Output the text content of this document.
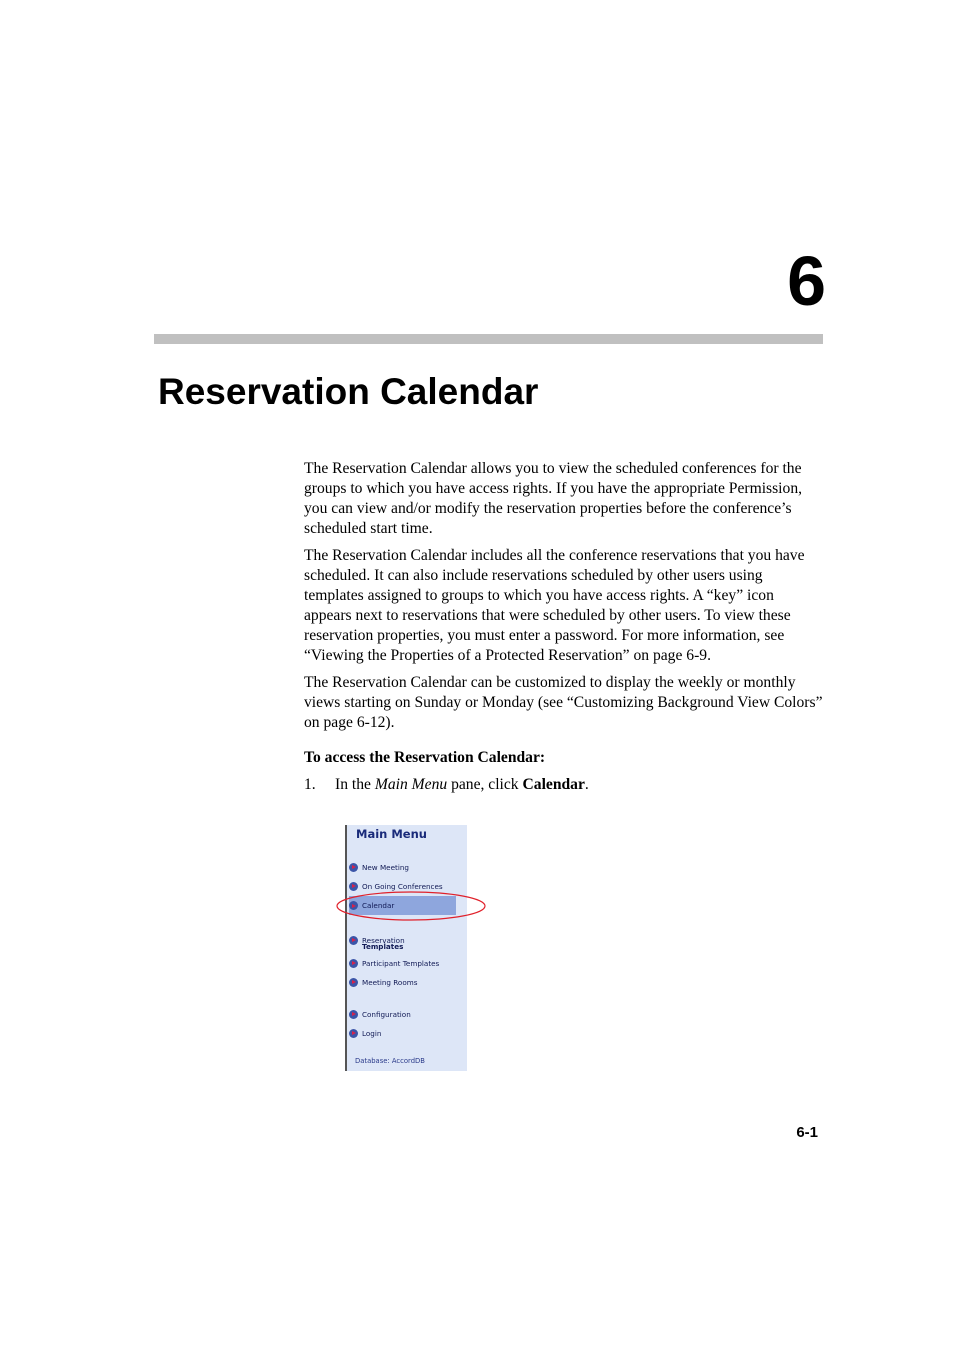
6
Reservation Calendar

The Reservation Calendar allows you to view the scheduled conferences for the groups to which you have access rights. If you have the appropriate Permission, you can view and/or modify the reservation properties before the conference’s scheduled start time.

The Reservation Calendar includes all the conference reservations that you have scheduled. It can also include reservations scheduled by other users using templates assigned to groups to which you have access rights. A “key” icon appears next to reservations that were scheduled by other users. To view these reservation properties, you must enter a password. For more information, see “Viewing the Properties of a Protected Reservation” on page 6-9.

The Reservation Calendar can be customized to display the weekly or monthly views starting on Sunday or Monday (see “Customizing Background View Colors” on page 6-12).

To access the Reservation Calendar:

1.	In the Main Menu pane, click Calendar.

Main Menu
New Meeting
On Going Conferences
Calendar
Reservation
Templates
Participant Templates
Meeting Rooms
Configuration
Login
Database: AccordDB
6-1
